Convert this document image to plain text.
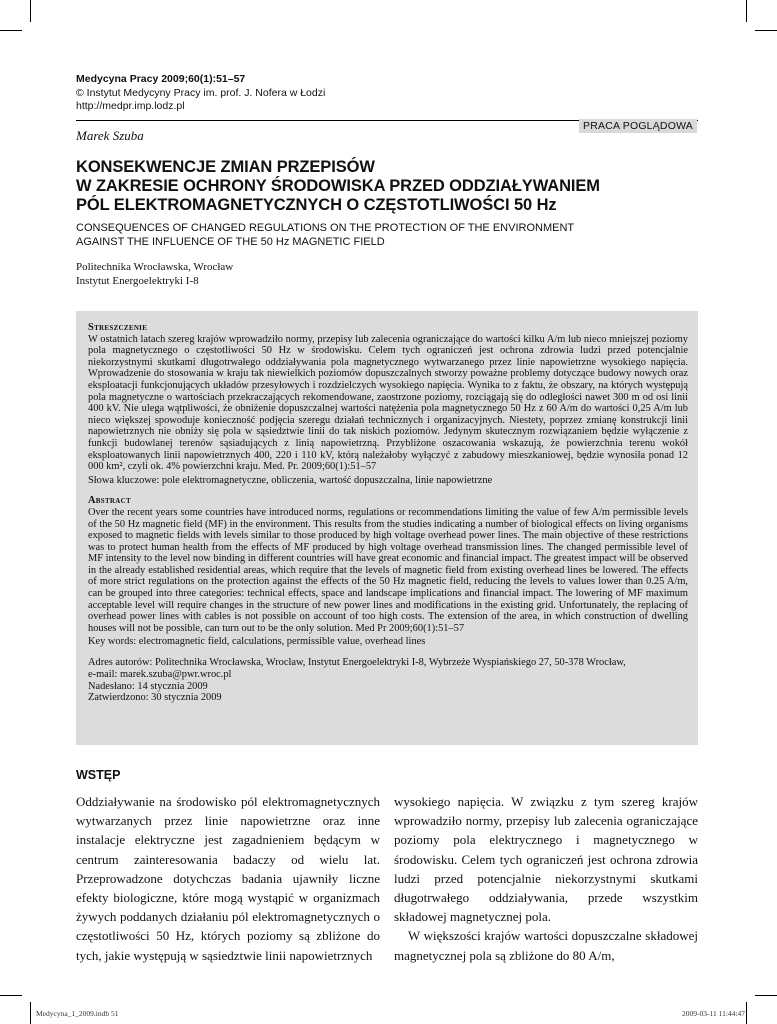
Medycyna Pracy 2009;60(1):51–57
© Instytut Medycyny Pracy im. prof. J. Nofera w Łodzi
http://medpr.imp.lodz.pl
PRACA POGLĄDOWA
Marek Szuba
KONSEKWENCJE ZMIAN PRZEPISÓW
W ZAKRESIE OCHRONY ŚRODOWISKA PRZED ODDZIAŁYWANIEM
PÓL ELEKTROMAGNETYCZNYCH O CZĘSTOTLIWOŚCI 50 Hz
CONSEQUENCES OF CHANGED REGULATIONS ON THE PROTECTION OF THE ENVIRONMENT
AGAINST THE INFLUENCE OF THE 50 Hz MAGNETIC FIELD
Politechnika Wrocławska, Wrocław
Instytut Energoelektryki I-8
Streszczenie

W ostatnich latach szereg krajów wprowadziło normy, przepisy lub zalecenia ograniczające do wartości kilku A/m lub nieco mniejszej poziomy pola magnetycznego o częstotliwości 50 Hz w środowisku. Celem tych ograniczeń jest ochrona zdrowia ludzi przed potencjalnie niekorzystnymi skutkami długotrwałego oddziaływania pola magnetycznego wytwarzanego przez linie napowietrzne wysokiego napięcia. Wprowadzenie do stosowania w kraju tak niewielkich poziomów dopuszczalnych stworzy poważne problemy dotyczące budowy nowych oraz eksploatacji funkcjonujących układów przesyłowych i rozdzielczych wysokiego napięcia. Wynika to z faktu, że obszary, na których występują pola magnetyczne o wartościach przekraczających rekomendowane, zaostrzone poziomy, rozciągają się do odległości nawet 300 m od osi linii 400 kV. Nie ulega wątpliwości, że obniżenie dopuszczalnej wartości natężenia pola magnetycznego 50 Hz z 60 A/m do wartości 0,25 A/m lub nieco większej spowoduje konieczność podjęcia szeregu działań technicznych i organizacyjnych. Niestety, poprzez zmianę konstrukcji linii napowietrznych nie obniży się pola w sąsiedztwie linii do tak niskich poziomów. Jedynym skutecznym rozwiązaniem będzie wyłączenie z funkcji budowlanej terenów sąsiadujących z linią napowietrzną. Przybliżone oszacowania wskazują, że powierzchnia terenu wokół eksploatowanych linii napowietrznych 400, 220 i 110 kV, którą należałoby wyłączyć z zabudowy mieszkaniowej, będzie wynosiła ponad 12 000 km², czyli ok. 4% powierzchni kraju. Med. Pr. 2009;60(1):51–57

Słowa kluczowe: pole elektromagnetyczne, obliczenia, wartość dopuszczalna, linie napowietrzne

Abstract

Over the recent years some countries have introduced norms, regulations or recommendations limiting the value of few A/m permissible levels of the 50 Hz magnetic field (MF) in the environment. This results from the studies indicating a number of biological effects on living organisms exposed to magnetic fields with levels similar to those produced by high voltage overhead power lines. The main objective of these restrictions was to protect human health from the effects of MF produced by high voltage overhead transmission lines. The changed permissible level of MF intensity to the level now binding in different countries will have great economic and financial impact. The greatest impact will be observed in the already established residential areas, which require that the levels of magnetic field from existing overhead lines be lowered. The effects of more strict regulations on the protection against the effects of the 50 Hz magnetic field, reducing the levels to values lower than 0.25 A/m, can be grouped into three categories: technical effects, space and landscape implications and financial impact. The lowering of MF maximum acceptable level will require changes in the structure of new power lines and modifications in the existing grid. Unfortunately, the replacing of overhead power lines with cables is not possible on account of too high costs. The extension of the area, in which construction of dwelling houses will not be possible, can turn out to be the only solution. Med Pr 2009;60(1):51–57

Key words: electromagnetic field, calculations, permissible value, overhead lines

Adres autorów: Politechnika Wrocławska, Wrocław, Instytut Energoelektryki I-8, Wybrzeże Wyspiańskiego 27, 50-378 Wrocław,
e-mail: marek.szuba@pwr.wroc.pl
Nadesłano: 14 stycznia 2009
Zatwierdzono: 30 stycznia 2009
WSTĘP

Oddziaływanie na środowisko pól elektromagnetycznych wytwarzanych przez linie napowietrzne oraz inne instalacje elektryczne jest zagadnieniem będącym w centrum zainteresowania badaczy od wielu lat. Przeprowadzone dotychczas badania ujawniły liczne efekty biologiczne, które mogą wystąpić w organizmach żywych poddanych działaniu pól elektromagnetycznych o częstotliwości 50 Hz, których poziomy są zbliżone do tych, jakie występują w sąsiedztwie linii napowietrznych

wysokiego napięcia. W związku z tym szereg krajów wprowadziło normy, przepisy lub zalecenia ograniczające poziomy pola elektrycznego i magnetycznego w środowisku. Celem tych ograniczeń jest ochrona zdrowia ludzi przed potencjalnie niekorzystnymi skutkami długotrwałego oddziaływania, przede wszystkim składowej magnetycznej pola.

W większości krajów wartości dopuszczalne składowej magnetycznej pola są zbliżone do 80 A/m,

Medycyna_1_2009.indb 51	2009-03-11 11:44:47
